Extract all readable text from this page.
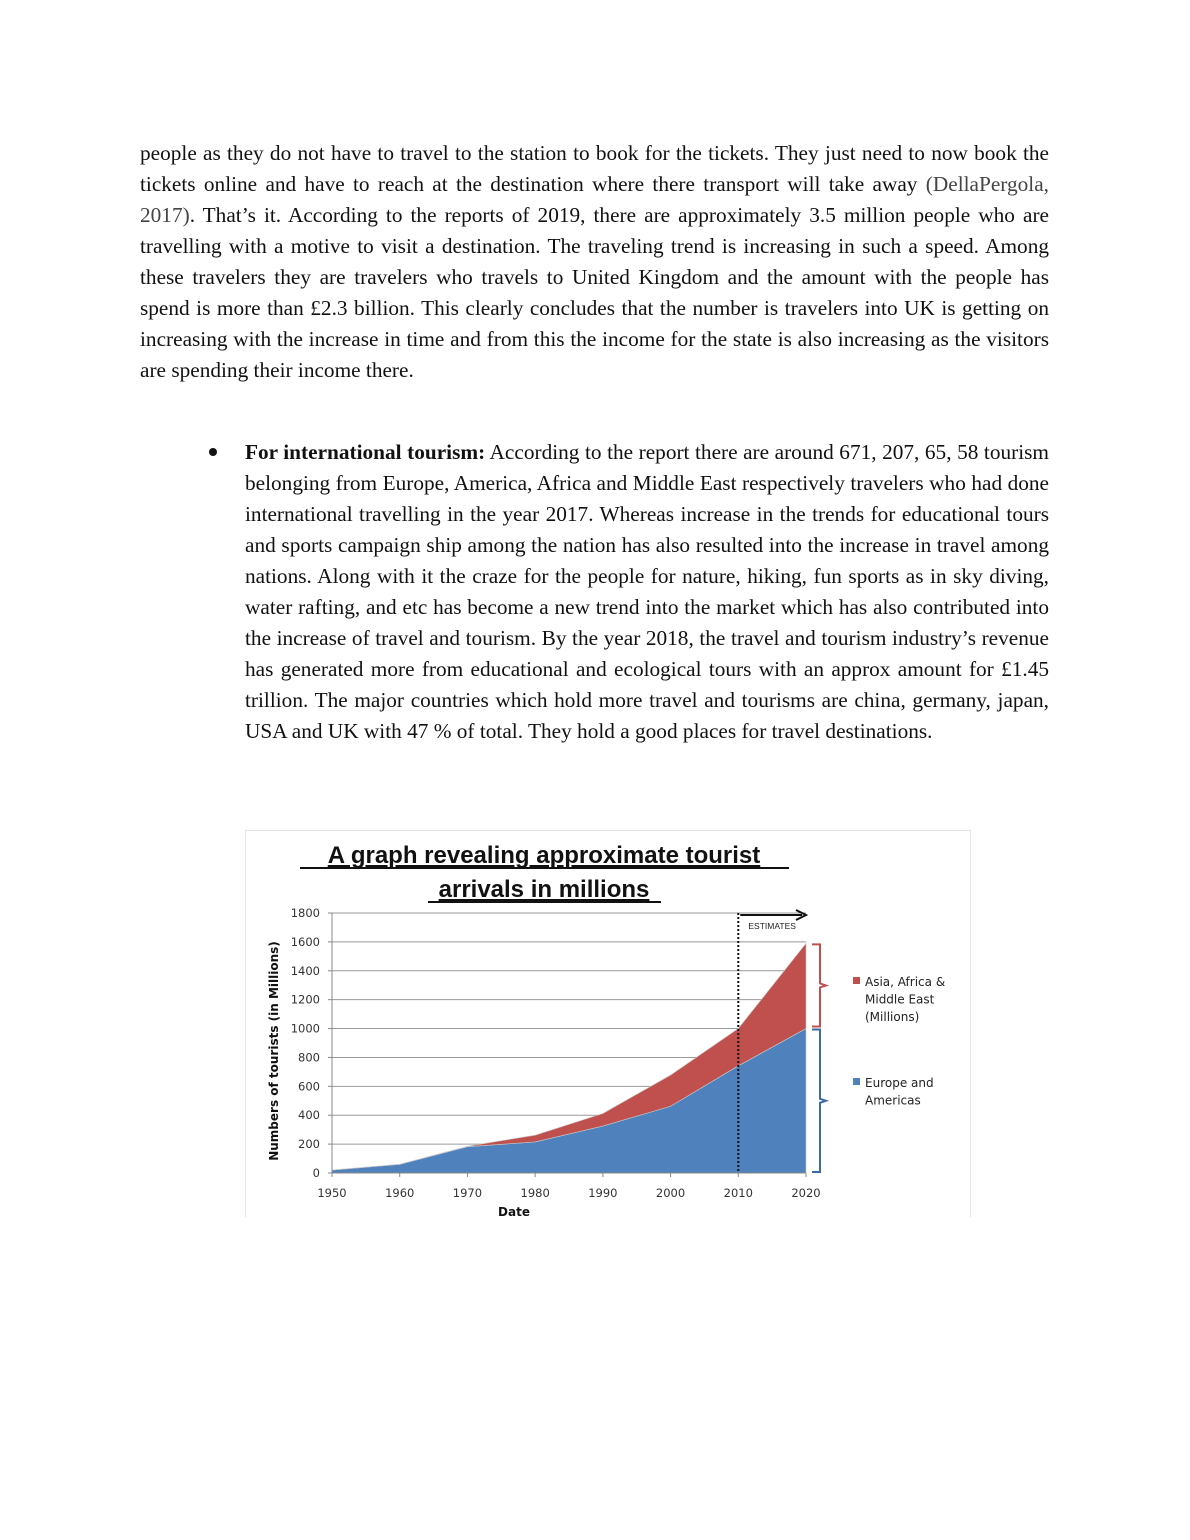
people as they do not have to travel to the station to book for the tickets. They just need to now book the tickets online and have to reach at the destination where there transport will take away (DellaPergola, 2017). That’s it. According to the reports of 2019, there are approximately 3.5 million people who are travelling with a motive to visit a destination. The traveling trend is increasing in such a speed. Among these travelers they are travelers who travels to United Kingdom and the amount with the people has spend is more than £2.3 billion. This clearly concludes that the number is travelers into UK is getting on increasing with the increase in time and from this the income for the state is also increasing as the visitors are spending their income there.
For international tourism: According to the report there are around 671, 207, 65, 58 tourism belonging from Europe, America, Africa and Middle East respectively travelers who had done international travelling in the year 2017. Whereas increase in the trends for educational tours and sports campaign ship among the nation has also resulted into the increase in travel among nations. Along with it the craze for the people for nature, hiking, fun sports as in sky diving, water rafting, and etc has become a new trend into the market which has also contributed into the increase of travel and tourism. By the year 2018, the travel and tourism industry’s revenue has generated more from educational and ecological tours with an approx amount for £1.45 trillion. The major countries which hold more travel and tourisms are china, germany, japan, USA and UK with 47 % of total. They hold a good places for travel destinations.
A graph revealing approximate tourist
arrivals in millions
0
200
400
600
800
1000
1200
1400
1600
1800
1950	1960	1970	1980	1990	2000	2010	2020
ESTIMATES
Asia, Africa &
Middle East
(Millions)
Europe and
Americas
Numbers of tourists (in Millions)
Date
